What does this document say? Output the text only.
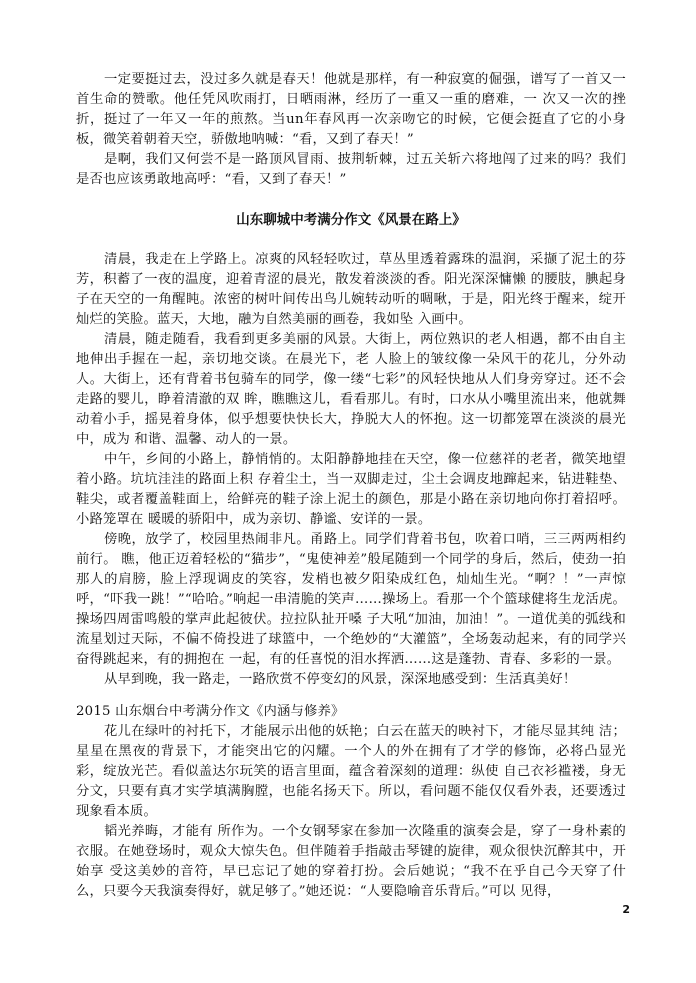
一定要挺过去，没过多久就是春天！他就是那样，有一种寂寞的倔强，谱写了一首又一首生命的赞歌。他任凭风吹雨打，日晒雨淋，经历了一重又一重的磨难，一 次又一次的挫折，挺过了一年又一年的煎熬。当un年春风再一次亲吻它的时候，它便会挺直了它的小身板，微笑着朝着天空，骄傲地呐喊：“看，又到了春天！”

是啊，我们又何尝不是一路顶风冒雨、披荆斩棘，过五关斩六将地闯了过来的吗？我们是否也应该勇敢地高呼：“看，又到了春天！”

山东聊城中考满分作文《风景在路上》

清晨，我走在上学路上。凉爽的风轻轻吹过，草丛里透着露珠的温润，采撷了泥土的芬芳，积蓄了一夜的温度，迎着青涩的晨光，散发着淡淡的香。阳光深深慵懒 的腰肢，腆起身子在天空的一角醒盹。浓密的树叶间传出鸟儿婉转动听的啁啾，于是，阳光终于醒来，绽开灿烂的笑脸。蓝天，大地，融为自然美丽的画卷，我如坠 入画中。

清晨，随走随看，我看到更多美丽的风景。大街上，两位熟识的老人相遇，都不由自主地伸出手握在一起，亲切地交谈。在晨光下，老 人脸上的皱纹像一朵风干的花儿，分外动人。大街上，还有背着书包骑车的同学，像一缕“七彩”的风轻快地从人们身旁穿过。还不会走路的婴儿，睁着清澈的双 眸，瞧瞧这儿，看看那儿。有时，口水从小嘴里流出来，他就舞动着小手，摇晃着身体，似乎想要快快长大，挣脱大人的怀抱。这一切都笼罩在淡淡的晨光中，成为 和谐、温馨、动人的一景。

中午，乡间的小路上，静悄悄的。太阳静静地挂在天空，像一位慈祥的老者，微笑地望着小路。坑坑洼洼的路面上积 存着尘土，当一双脚走过，尘土会调皮地蹿起来，钻进鞋垫、鞋尖，或者覆盖鞋面上，给鲜亮的鞋子涂上泥土的颜色，那是小路在亲切地向你打着招呼。小路笼罩在 暖暖的骄阳中，成为亲切、静谧、安详的一景。

傍晚，放学了，校园里热闹非凡。甬路上。同学们背着书包，吹着口哨，三三两两相约前行。 瞧，他正迈着轻松的“猫步”，“鬼使神差”般尾随到一个同学的身后，然后，使劲一拍那人的肩膀，脸上浮现调皮的笑容，发梢也被夕阳染成红色，灿灿生光。“啊？！”一声惊呼，“吓我一跳！”“哈哈。”响起一串清脆的笑声……操场上。看那一个个篮球健将生龙活虎。操场四周雷鸣般的掌声此起彼伏。拉拉队扯开嗓 子大吼“加油，加油！”。一道优美的弧线和流星划过天际，不偏不倚投进了球篮中，一个绝妙的“大灌篮”，全场轰动起来，有的同学兴奋得跳起来，有的拥抱在 一起，有的任喜悦的泪水挥洒……这是蓬勃、青春、多彩的一景。

从早到晚，我一路走，一路欣赏不停变幻的风景，深深地感受到：生活真美好！

2015 山东烟台中考满分作文《内涵与修养》

花儿在绿叶的衬托下，才能展示出他的妖艳；白云在蓝天的映衬下，才能尽显其纯 洁；星星在黑夜的背景下，才能突出它的闪耀。一个人的外在拥有了才学的修饰，必将凸显光彩，绽放光芒。看似盖达尔玩笑的语言里面，蕴含着深刻的道理：纵使 自己衣衫褴褛，身无分文，只要有真才实学填满胸膛，也能名扬天下。所以，看问题不能仅仅看外表，还要透过现象看本质。

韬光养晦，才能有 所作为。一个女钢琴家在参加一次隆重的演奏会是，穿了一身朴素的衣服。在她登场时，观众大惊失色。但伴随着手指敲击琴键的旋律，观众很快沉醉其中，开始享 受这美妙的音符，早已忘记了她的穿着打扮。会后她说；“我不在乎自己今天穿了什么，只要今天我演奏得好，就足够了。”她还说：“人要隐喻音乐背后。”可以 见得，

2
